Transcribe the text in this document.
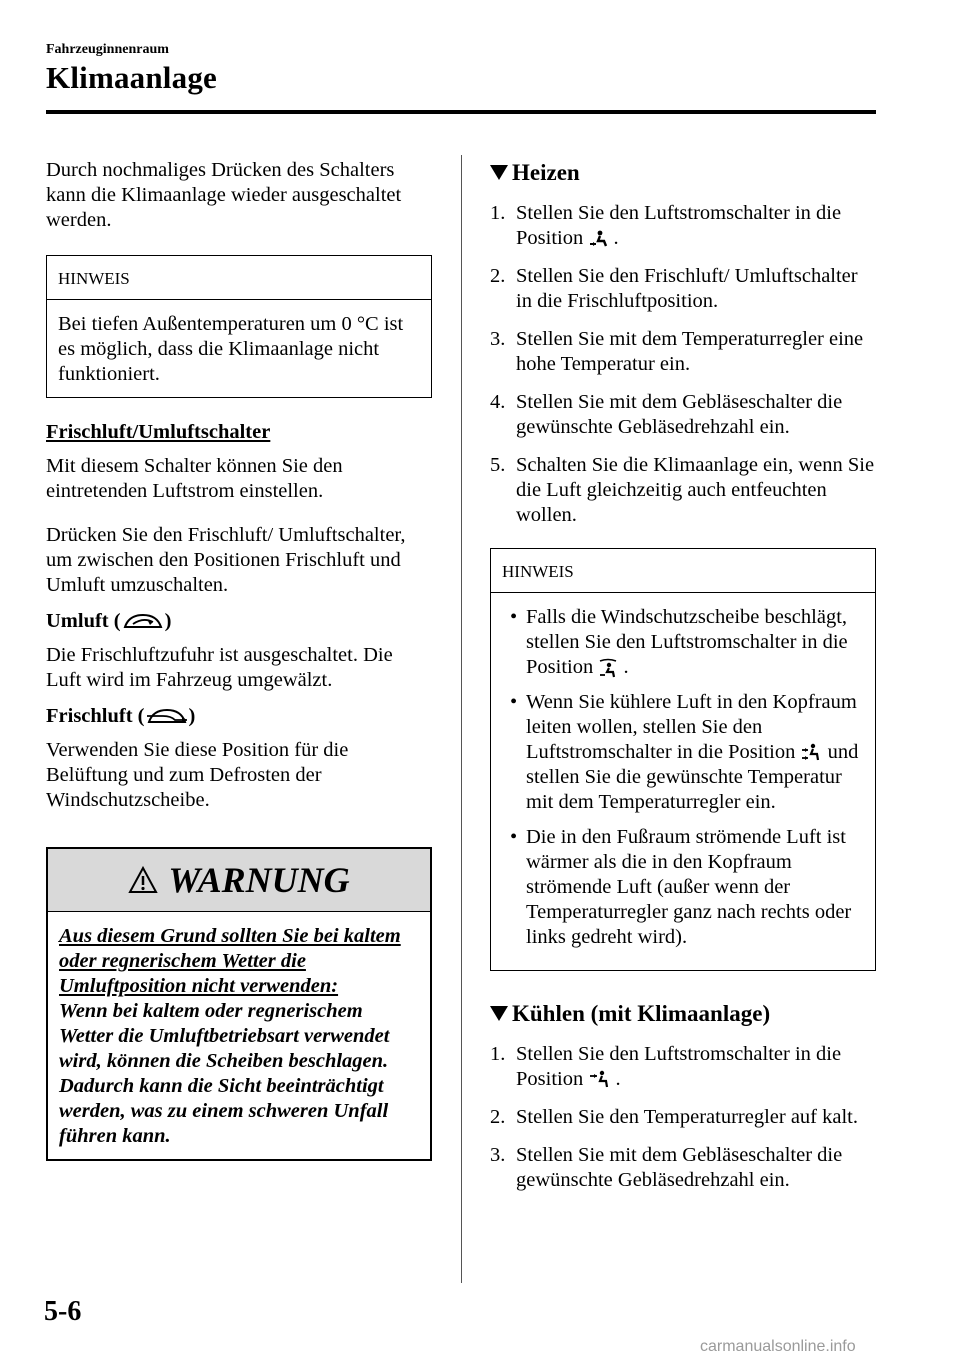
Fahrzeuginnenraum
Klimaanlage

Durch nochmaliges Drücken des Schalters kann die Klimaanlage wieder ausgeschaltet werden.

HINWEIS
Bei tiefen Außentemperaturen um 0 °C ist es möglich, dass die Klimaanlage nicht funktioniert.

Frischluft/Umluftschalter

Mit diesem Schalter können Sie den eintretenden Luftstrom einstellen.

Drücken Sie den Frischluft/ Umluftschalter, um zwischen den Positionen Frischluft und Umluft umzuschalten.

Umluft ( )

Die Frischluftzufuhr ist ausgeschaltet. Die Luft wird im Fahrzeug umgewälzt.

Frischluft ( )

Verwenden Sie diese Position für die Belüftung und zum Defrosten der Windschutzscheibe.

WARNUNG
Aus diesem Grund sollten Sie bei kaltem oder regnerischem Wetter die Umluftposition nicht verwenden:
Wenn bei kaltem oder regnerischem Wetter die Umluftbetriebsart verwendet wird, können die Scheiben beschlagen. Dadurch kann die Sicht beeinträchtigt werden, was zu einem schweren Unfall führen kann.
Heizen
1. Stellen Sie den Luftstromschalter in die Position .
2. Stellen Sie den Frischluft/ Umluftschalter in die Frischluftposition.
3. Stellen Sie mit dem Temperaturregler eine hohe Temperatur ein.
4. Stellen Sie mit dem Gebläseschalter die gewünschte Gebläsedrehzahl ein.
5. Schalten Sie die Klimaanlage ein, wenn Sie die Luft gleichzeitig auch entfeuchten wollen.
HINWEIS
• Falls die Windschutzscheibe beschlägt, stellen Sie den Luftstromschalter in die Position .
• Wenn Sie kühlere Luft in den Kopfraum leiten wollen, stellen Sie den Luftstromschalter in die Position und stellen Sie die gewünschte Temperatur mit dem Temperaturregler ein.
• Die in den Fußraum strömende Luft ist wärmer als die in den Kopfraum strömende Luft (außer wenn der Temperaturregler ganz nach rechts oder links gedreht wird).
Kühlen (mit Klimaanlage)
1. Stellen Sie den Luftstromschalter in die Position .
2. Stellen Sie den Temperaturregler auf kalt.
3. Stellen Sie mit dem Gebläseschalter die gewünschte Gebläsedrehzahl ein.
5-6
carmanualsonline.info
